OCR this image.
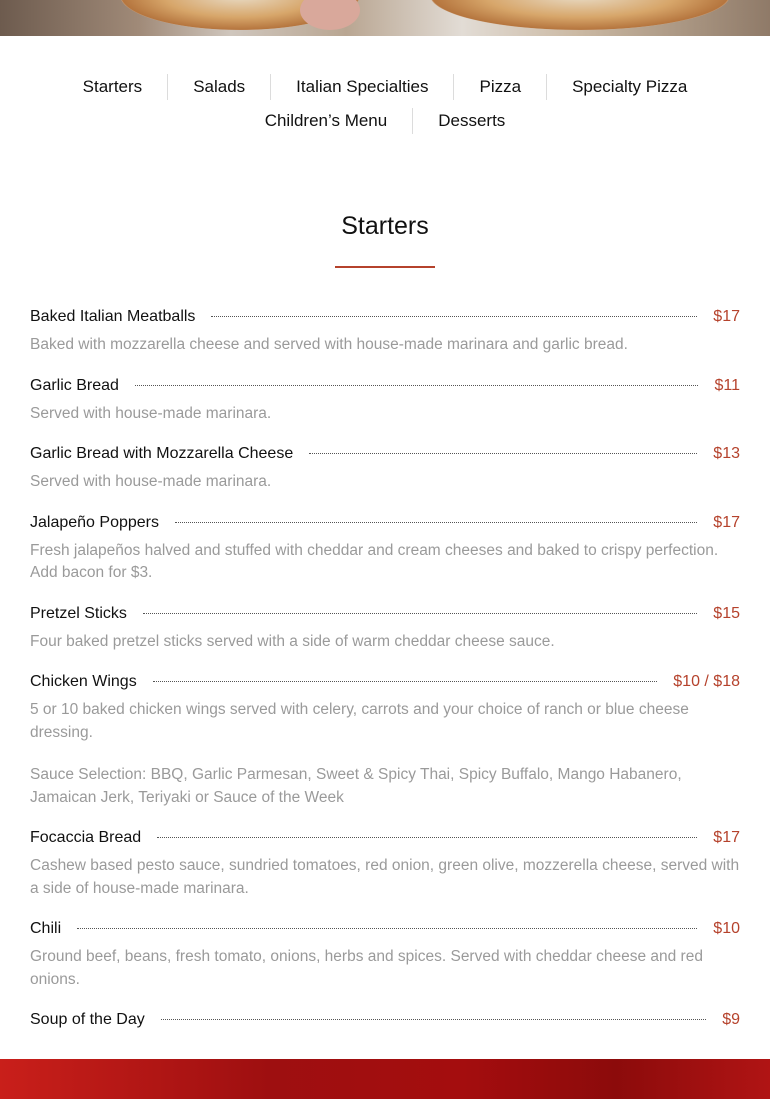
Starters	Salads	Italian Specialties	Pizza	Specialty Pizza
Children’s Menu	Desserts
Starters
Baked Italian Meatballs	$17

Baked with mozzarella cheese and served with house-made marinara and garlic bread.

Garlic Bread	$11

Served with house-made marinara.

Garlic Bread with Mozzarella Cheese	$13

Served with house-made marinara.

Jalapeño Poppers	$17

Fresh jalapeños halved and stuffed with cheddar and cream cheeses and baked to crispy perfection. Add bacon for $3.

Pretzel Sticks	$15

Four baked pretzel sticks served with a side of warm cheddar cheese sauce.

Chicken Wings	$10 / $18

5 or 10 baked chicken wings served with celery, carrots and your choice of ranch or blue cheese dressing.

Sauce Selection: BBQ, Garlic Parmesan, Sweet & Spicy Thai, Spicy Buffalo, Mango Habanero, Jamaican Jerk, Teriyaki or Sauce of the Week

Focaccia Bread	$17

Cashew based pesto sauce, sundried tomatoes, red onion, green olive, mozzerella cheese, served with a side of house-made marinara.

Chili	$10

Ground beef, beans, fresh tomato, onions, herbs and spices. Served with cheddar cheese and red onions.

Soup of the Day	$9
